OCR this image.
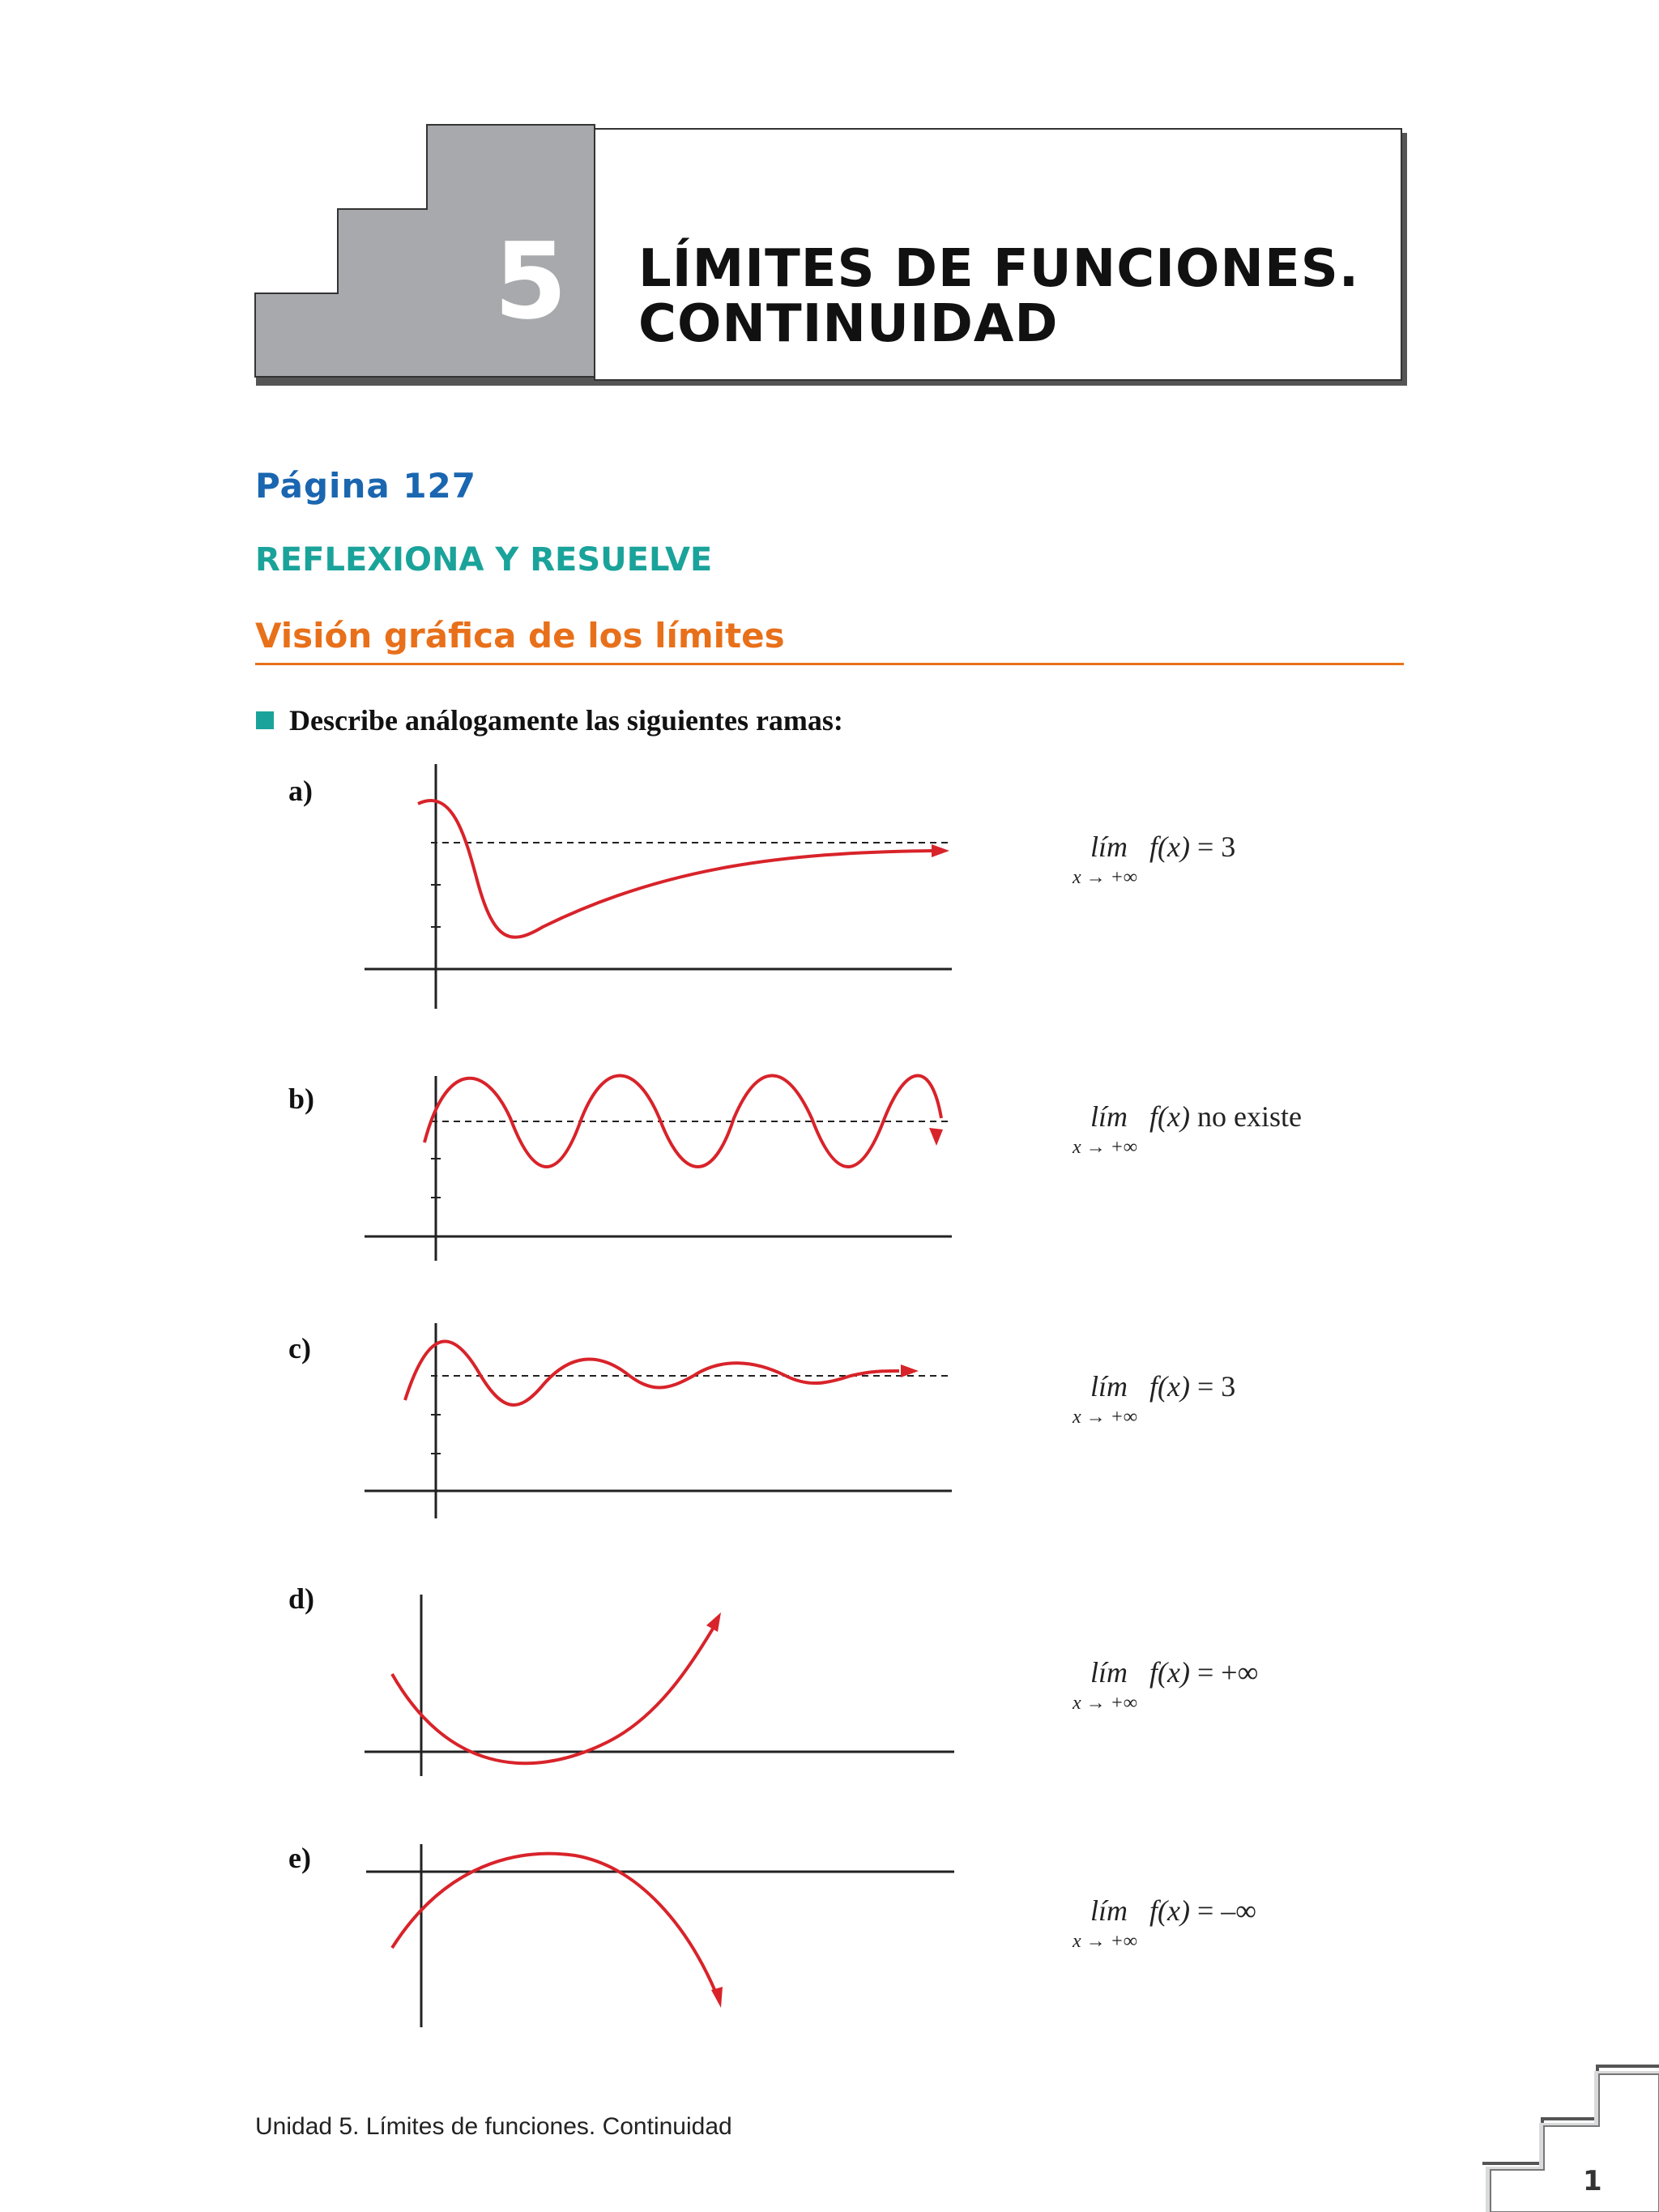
5 LÍMITES DE FUNCIONES.
CONTINUIDAD
Página 127
REFLEXIONA Y RESUELVE
Visión gráfica de los límites
Describe análogamente las siguientes ramas:
a)
lím f(x) = 3
x → +∞
b)
lím f(x) no existe
x → +∞
c)
lím f(x) = 3
x → +∞
d)
lím f(x) = +∞
x → +∞
e)
lím f(x) = –∞
x → +∞
Unidad 5. Límites de funciones. Continuidad
1
